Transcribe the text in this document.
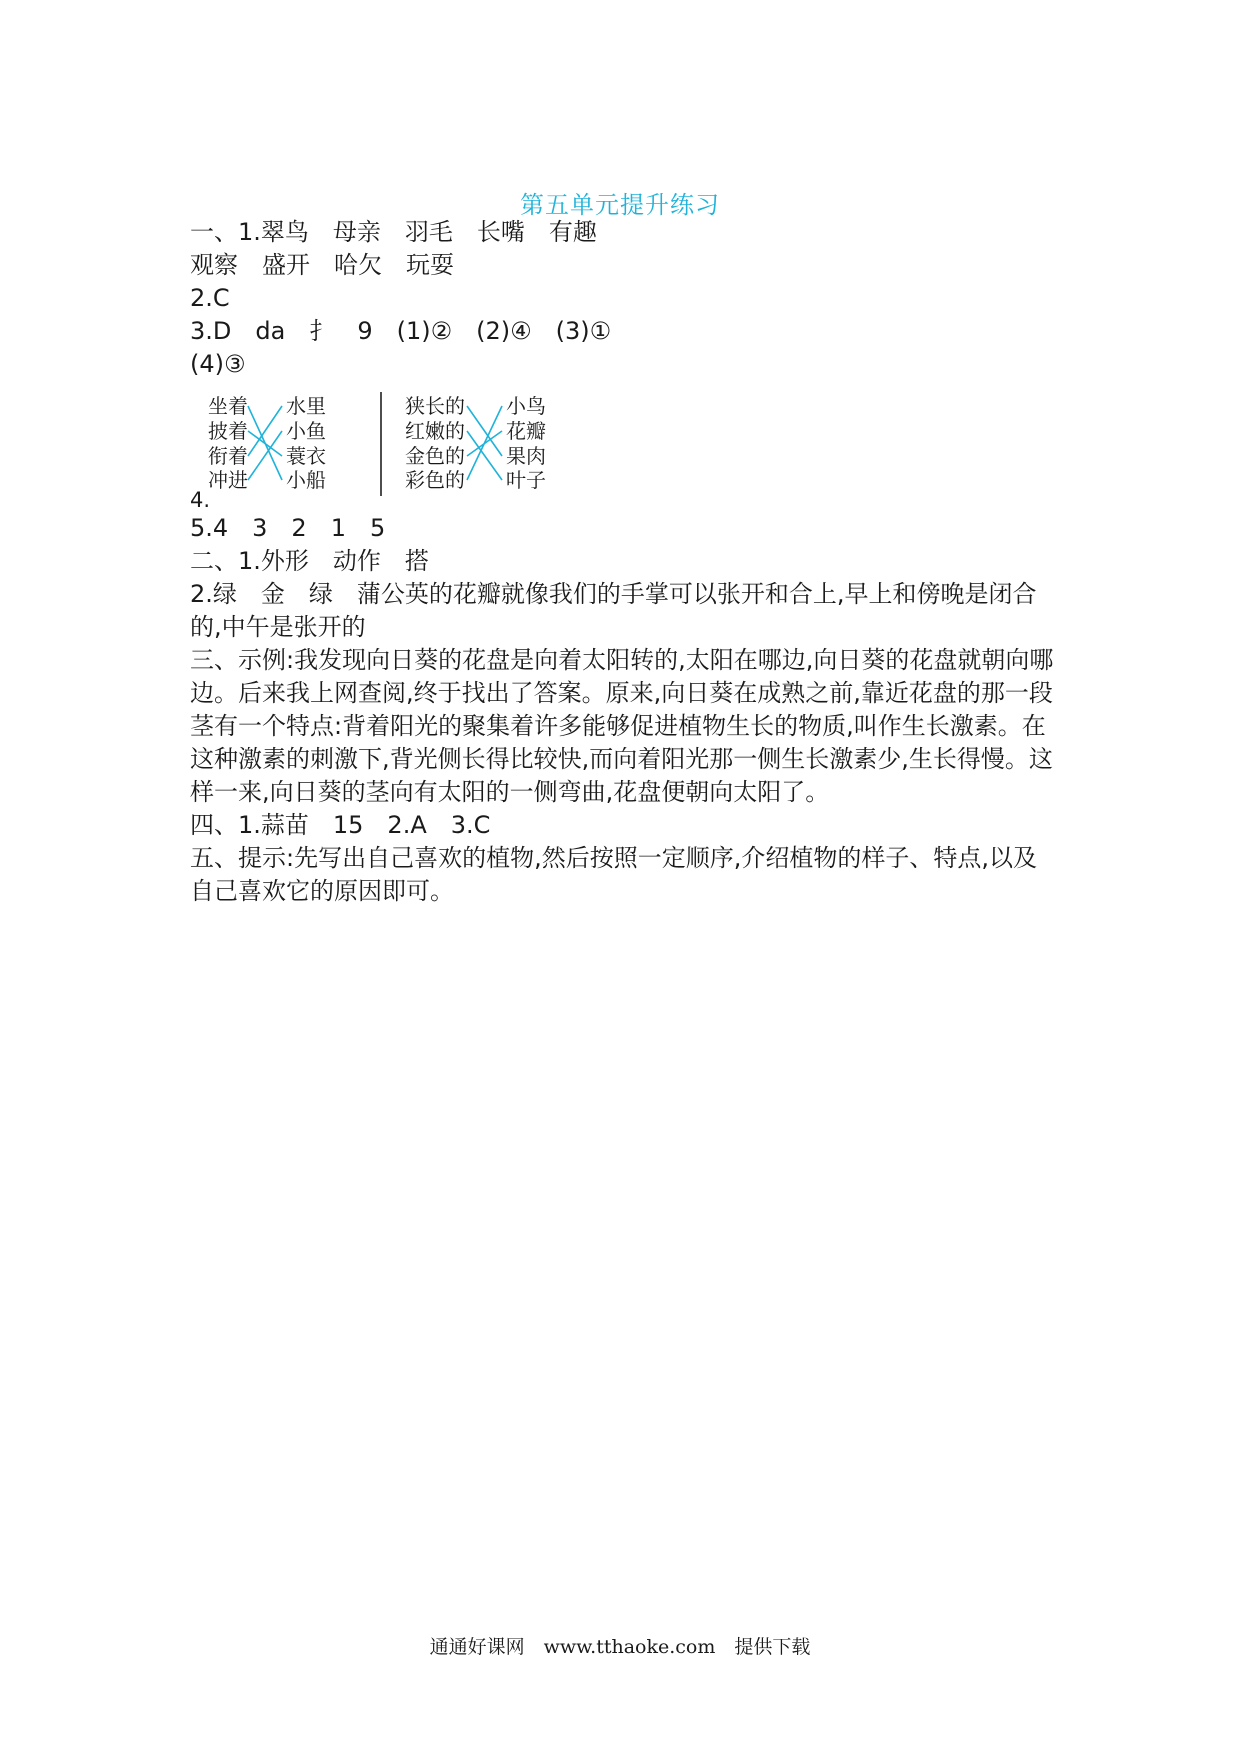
第五单元提升练习
一、1.翠鸟　母亲　羽毛　长嘴　有趣
观察　盛开　哈欠　玩耍
2.C
3.D　da　扌　9　(1)②　(2)④　(3)①
(4)③
4.
坐着
披着
衔着
冲进
水里
小鱼
蓑衣
小船
狭长的
红嫩的
金色的
彩色的
小鸟
花瓣
果肉
叶子
5.4　3　2　1　5
二、1.外形　动作　搭
2.绿　金　绿　蒲公英的花瓣就像我们的手掌可以张开和合上,早上和傍晚是闭合的,中午是张开的
三、示例:我发现向日葵的花盘是向着太阳转的,太阳在哪边,向日葵的花盘就朝向哪边。后来我上网查阅,终于找出了答案。原来,向日葵在成熟之前,靠近花盘的那一段茎有一个特点:背着阳光的聚集着许多能够促进植物生长的物质,叫作生长激素。在这种激素的刺激下,背光侧长得比较快,而向着阳光那一侧生长激素少,生长得慢。这样一来,向日葵的茎向有太阳的一侧弯曲,花盘便朝向太阳了。
四、1.蒜苗　15　2.A　3.C
五、提示:先写出自己喜欢的植物,然后按照一定顺序,介绍植物的样子、特点,以及自己喜欢它的原因即可。
通通好课网　www.tthaoke.com　提供下载
